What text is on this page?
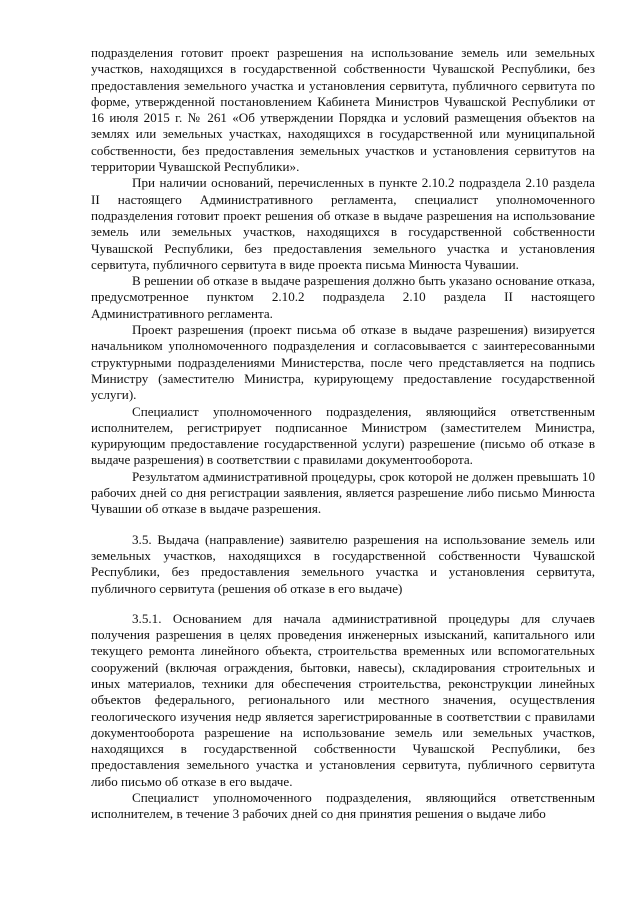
подразделения готовит проект разрешения на использование земель или земельных участков, находящихся в государственной собственности Чувашской Республики, без предоставления земельного участка и установления сервитута, публичного сервитута по форме, утвержденной постановлением Кабинета Министров Чувашской Республики от 16 июля 2015 г. № 261 «Об утверждении Порядка и условий размещения объектов на землях или земельных участках, находящихся в государственной или муниципальной собственности, без предоставления земельных участков и установления сервитутов на территории Чувашской Республики».

При наличии оснований, перечисленных в пункте 2.10.2 подраздела 2.10 раздела II настоящего Административного регламента, специалист уполномоченного подразделения готовит проект решения об отказе в выдаче разрешения на использование земель или земельных участков, находящихся в государственной собственности Чувашской Республики, без предоставления земельного участка и установления сервитута, публичного сервитута в виде проекта письма Минюста Чувашии.

В решении об отказе в выдаче разрешения должно быть указано основание отказа, предусмотренное пунктом 2.10.2 подраздела 2.10 раздела II настоящего Административного регламента.

Проект разрешения (проект письма об отказе в выдаче разрешения) визируется начальником уполномоченного подразделения и согласовывается с заинтересованными структурными подразделениями Министерства, после чего представляется на подпись Министру (заместителю Министра, курирующему предоставление государственной услуги).

Специалист уполномоченного подразделения, являющийся ответственным исполнителем, регистрирует подписанное Министром (заместителем Министра, курирующим предоставление государственной услуги) разрешение (письмо об отказе в выдаче разрешения) в соответствии с правилами документооборота.

Результатом административной процедуры, срок которой не должен превышать 10 рабочих дней со дня регистрации заявления, является разрешение либо письмо Минюста Чувашии об отказе в выдаче разрешения.

3.5. Выдача (направление) заявителю разрешения на использование земель или земельных участков, находящихся в государственной собственности Чувашской Республики, без предоставления земельного участка и установления сервитута, публичного сервитута (решения об отказе в его выдаче)

3.5.1. Основанием для начала административной процедуры для случаев получения разрешения в целях проведения инженерных изысканий, капитального или текущего ремонта линейного объекта, строительства временных или вспомогательных сооружений (включая ограждения, бытовки, навесы), складирования строительных и иных материалов, техники для обеспечения строительства, реконструкции линейных объектов федерального, регионального или местного значения, осуществления геологического изучения недр является зарегистрированные в соответствии с правилами документооборота разрешение на использование земель или земельных участков, находящихся в государственной собственности Чувашской Республики, без предоставления земельного участка и установления сервитута, публичного сервитута либо письмо об отказе в его выдаче.

Специалист уполномоченного подразделения, являющийся ответственным исполнителем, в течение 3 рабочих дней со дня принятия решения о выдаче либо
